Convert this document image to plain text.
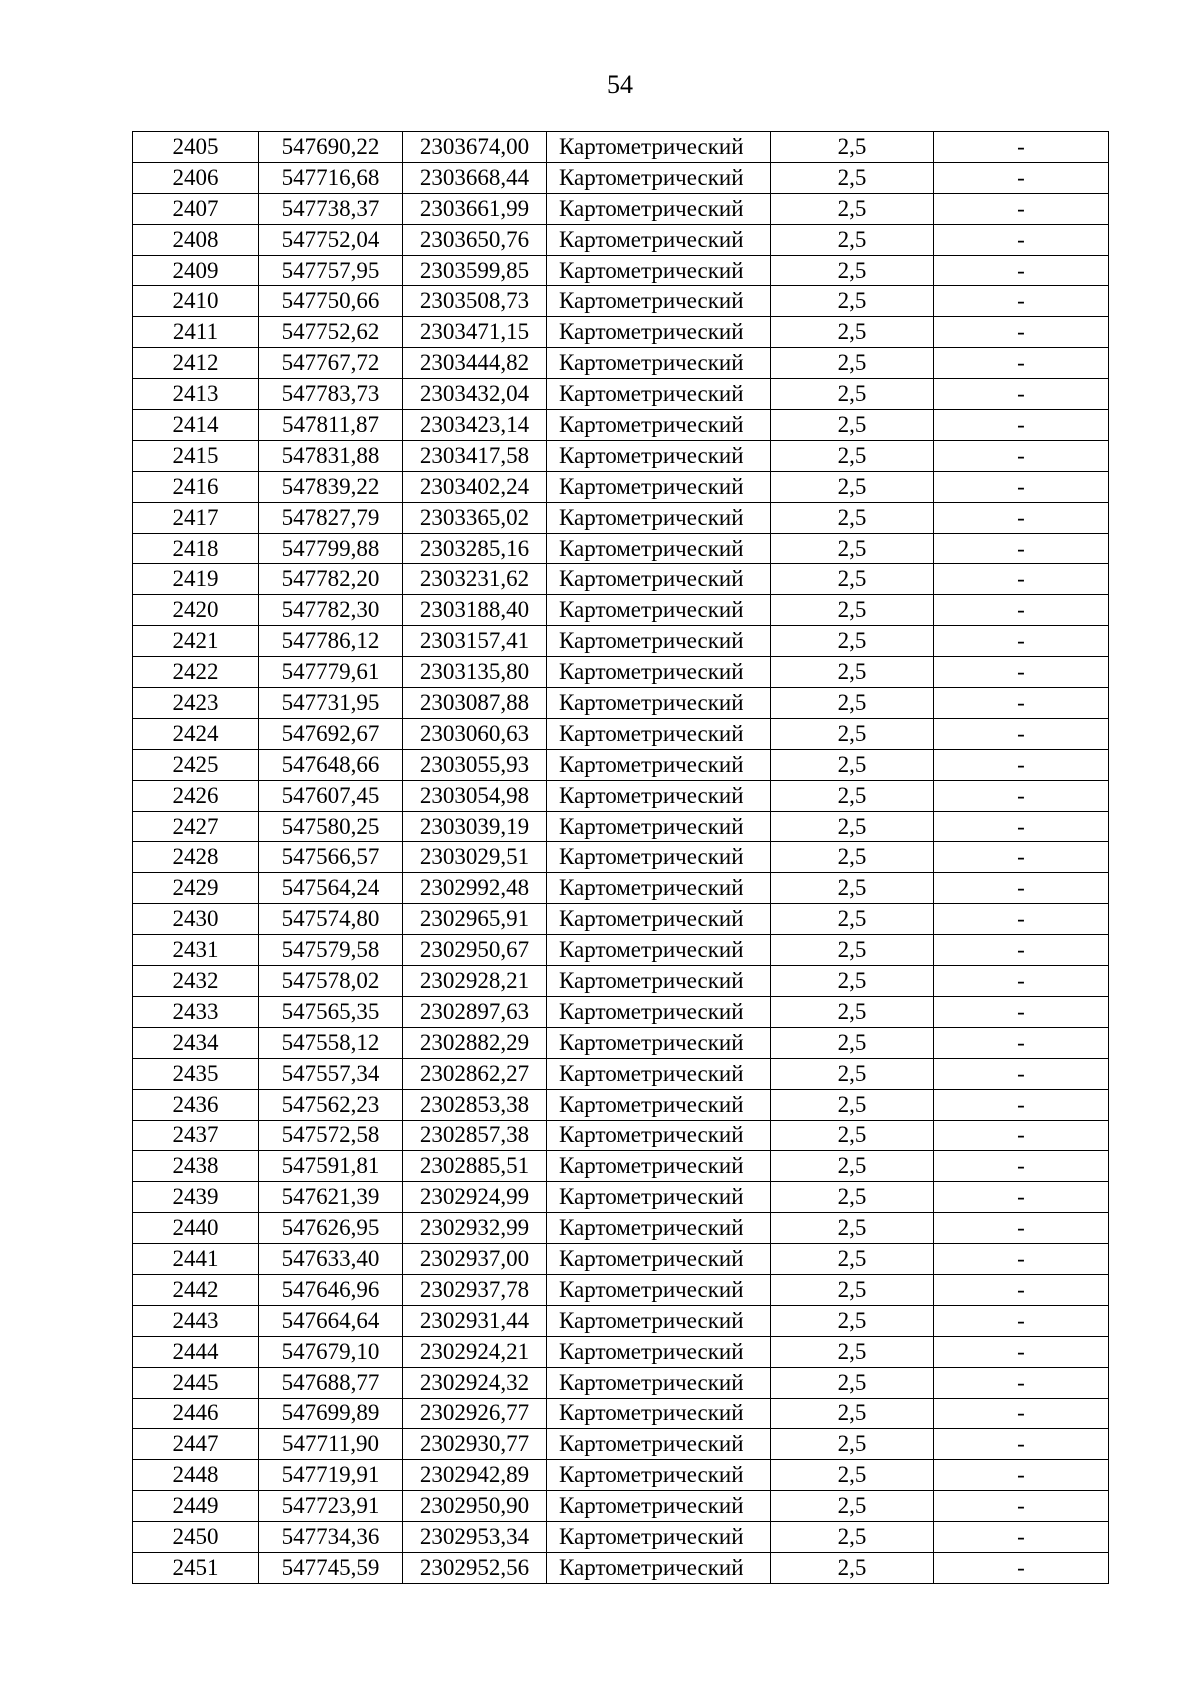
54
2405	547690,22	2303674,00	Картометрический	2,5	-
2406	547716,68	2303668,44	Картометрический	2,5	-
2407	547738,37	2303661,99	Картометрический	2,5	-
2408	547752,04	2303650,76	Картометрический	2,5	-
2409	547757,95	2303599,85	Картометрический	2,5	-
2410	547750,66	2303508,73	Картометрический	2,5	-
2411	547752,62	2303471,15	Картометрический	2,5	-
2412	547767,72	2303444,82	Картометрический	2,5	-
2413	547783,73	2303432,04	Картометрический	2,5	-
2414	547811,87	2303423,14	Картометрический	2,5	-
2415	547831,88	2303417,58	Картометрический	2,5	-
2416	547839,22	2303402,24	Картометрический	2,5	-
2417	547827,79	2303365,02	Картометрический	2,5	-
2418	547799,88	2303285,16	Картометрический	2,5	-
2419	547782,20	2303231,62	Картометрический	2,5	-
2420	547782,30	2303188,40	Картометрический	2,5	-
2421	547786,12	2303157,41	Картометрический	2,5	-
2422	547779,61	2303135,80	Картометрический	2,5	-
2423	547731,95	2303087,88	Картометрический	2,5	-
2424	547692,67	2303060,63	Картометрический	2,5	-
2425	547648,66	2303055,93	Картометрический	2,5	-
2426	547607,45	2303054,98	Картометрический	2,5	-
2427	547580,25	2303039,19	Картометрический	2,5	-
2428	547566,57	2303029,51	Картометрический	2,5	-
2429	547564,24	2302992,48	Картометрический	2,5	-
2430	547574,80	2302965,91	Картометрический	2,5	-
2431	547579,58	2302950,67	Картометрический	2,5	-
2432	547578,02	2302928,21	Картометрический	2,5	-
2433	547565,35	2302897,63	Картометрический	2,5	-
2434	547558,12	2302882,29	Картометрический	2,5	-
2435	547557,34	2302862,27	Картометрический	2,5	-
2436	547562,23	2302853,38	Картометрический	2,5	-
2437	547572,58	2302857,38	Картометрический	2,5	-
2438	547591,81	2302885,51	Картометрический	2,5	-
2439	547621,39	2302924,99	Картометрический	2,5	-
2440	547626,95	2302932,99	Картометрический	2,5	-
2441	547633,40	2302937,00	Картометрический	2,5	-
2442	547646,96	2302937,78	Картометрический	2,5	-
2443	547664,64	2302931,44	Картометрический	2,5	-
2444	547679,10	2302924,21	Картометрический	2,5	-
2445	547688,77	2302924,32	Картометрический	2,5	-
2446	547699,89	2302926,77	Картометрический	2,5	-
2447	547711,90	2302930,77	Картометрический	2,5	-
2448	547719,91	2302942,89	Картометрический	2,5	-
2449	547723,91	2302950,90	Картометрический	2,5	-
2450	547734,36	2302953,34	Картометрический	2,5	-
2451	547745,59	2302952,56	Картометрический	2,5	-
